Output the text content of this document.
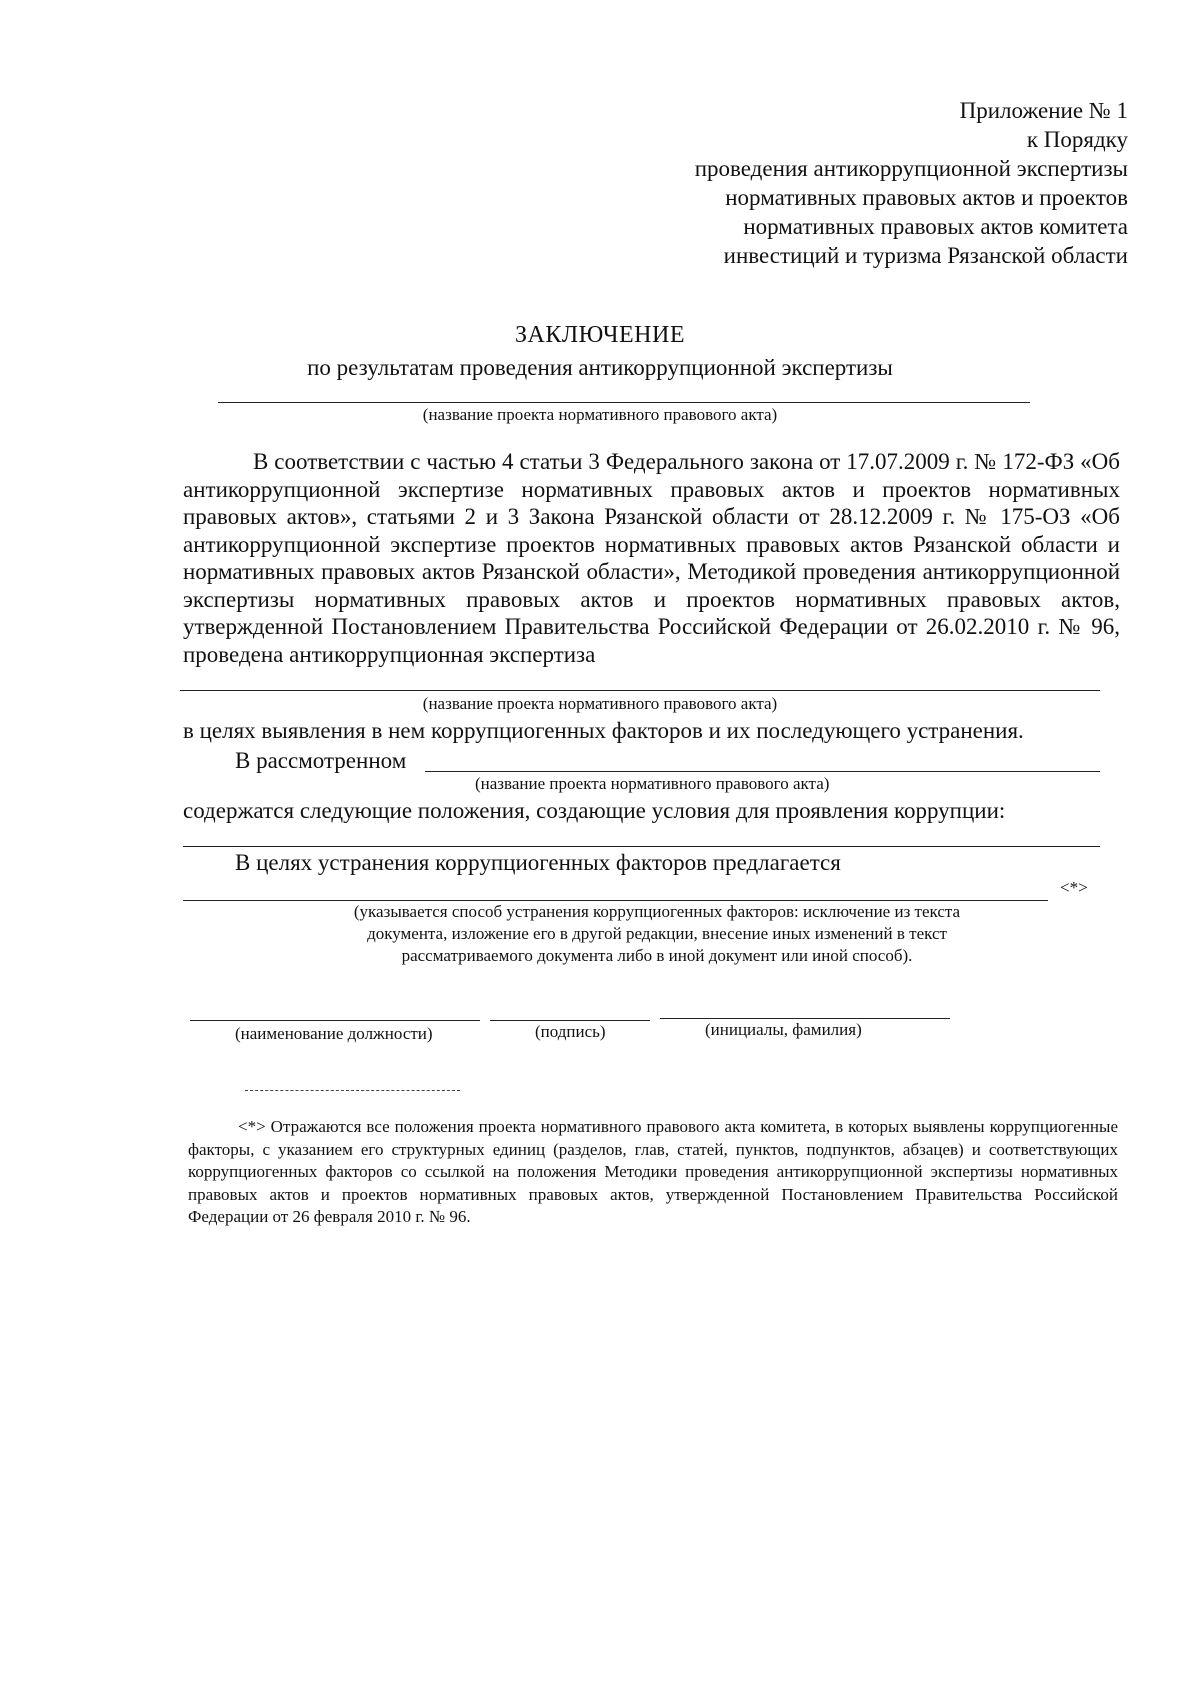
Приложение № 1
к Порядку
проведения антикоррупционной экспертизы
нормативных правовых актов и проектов
нормативных правовых актов комитета
инвестиций и туризма Рязанской области
ЗАКЛЮЧЕНИЕ
по результатам проведения антикоррупционной экспертизы
(название проекта нормативного правового акта)
В соответствии с частью 4 статьи 3 Федерального закона от 17.07.2009 г. № 172-ФЗ «Об антикоррупционной экспертизе нормативных правовых актов и проектов нормативных правовых актов», статьями 2 и 3 Закона Рязанской области от 28.12.2009 г. № 175-ОЗ «Об антикоррупционной экспертизе проектов нормативных правовых актов Рязанской области и нормативных правовых актов Рязанской области», Методикой проведения антикоррупционной экспертизы нормативных правовых актов и проектов нормативных правовых актов, утвержденной Постановлением Правительства Российской Федерации от 26.02.2010 г. № 96, проведена антикоррупционная экспертиза
(название проекта нормативного правового акта)
в целях выявления в нем коррупциогенных факторов и их последующего устранения.
В рассмотренном
(название проекта нормативного правового акта)
содержатся следующие положения, создающие условия для проявления коррупции:
В целях устранения коррупциогенных факторов предлагается
<*>
(указывается способ устранения коррупциогенных факторов: исключение из текста документа, изложение его в другой редакции, внесение иных изменений в текст рассматриваемого документа либо в иной документ или иной способ).
(наименование должности)	(подпись)	(инициалы, фамилия)
<*> Отражаются все положения проекта нормативного правового акта комитета, в которых выявлены коррупциогенные факторы, с указанием его структурных единиц (разделов, глав, статей, пунктов, подпунктов, абзацев) и соответствующих коррупциогенных факторов со ссылкой на положения Методики проведения антикоррупционной экспертизы нормативных правовых актов и проектов нормативных правовых актов, утвержденной Постановлением Правительства Российской Федерации от 26 февраля 2010 г. № 96.
